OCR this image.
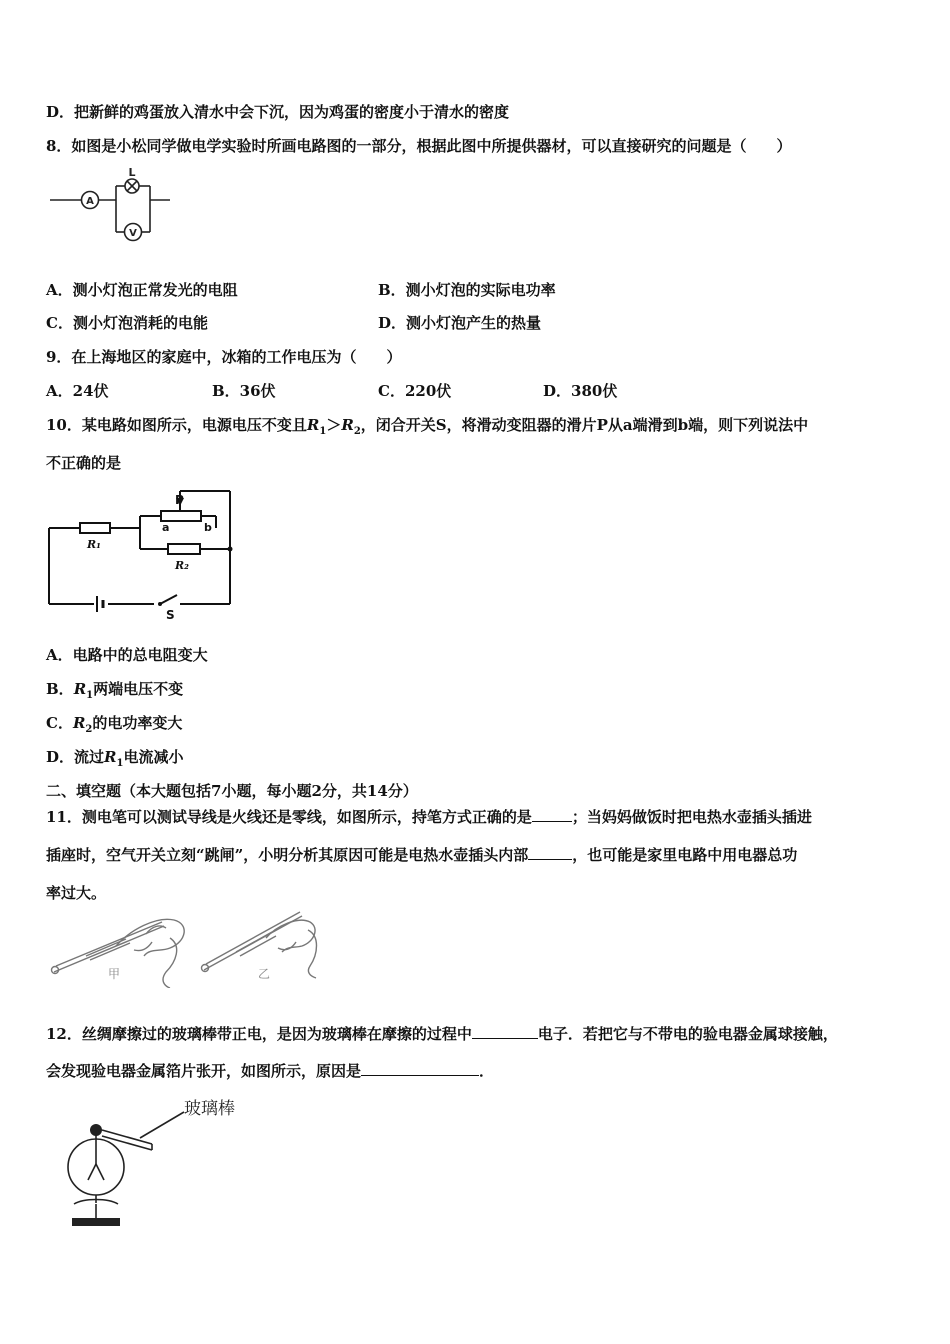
D．把新鲜的鸡蛋放入清水中会下沉，因为鸡蛋的密度小于清水的密度
8．如图是小松同学做电学实验时所画电路图的一部分，根据此图中所提供器材，可以直接研究的问题是（　　）
A
L
V
A．测小灯泡正常发光的电阻	B．测小灯泡的实际电功率
C．测小灯泡消耗的电能	D．测小灯泡产生的热量
9．在上海地区的家庭中，冰箱的工作电压为（　　）
A．24伏	B．36伏	C．220伏	D．380伏
10．某电路如图所示，电源电压不变且$R_1>R_2$，闭合开关S，将滑动变阻器的滑片P从a端滑到b端，则下列说法中
不正确的是
P
a	b
R₁
R₂
S
A．电路中的总电阻变大
B．$R_1$两端电压不变
C．$R_2$的电功率变大
D．流过$R_1$电流减小
二、填空题（本大题包括7小题，每小题2分，共14分）
11．测电笔可以测试导线是火线还是零线，如图所示，持笔方式正确的是	；当妈妈做饭时把电热水壶插头插进
插座时，空气开关立刻“跳闸”，小明分析其原因可能是电热水壶插头内部	，也可能是家里电路中用电器总功
率过大。
甲	乙
12．丝绸摩擦过的玻璃棒带正电，是因为玻璃棒在摩擦的过程中	电子．若把它与不带电的验电器金属球接触，
会发现验电器金属箔片张开，如图所示，原因是	．
玻璃棒
